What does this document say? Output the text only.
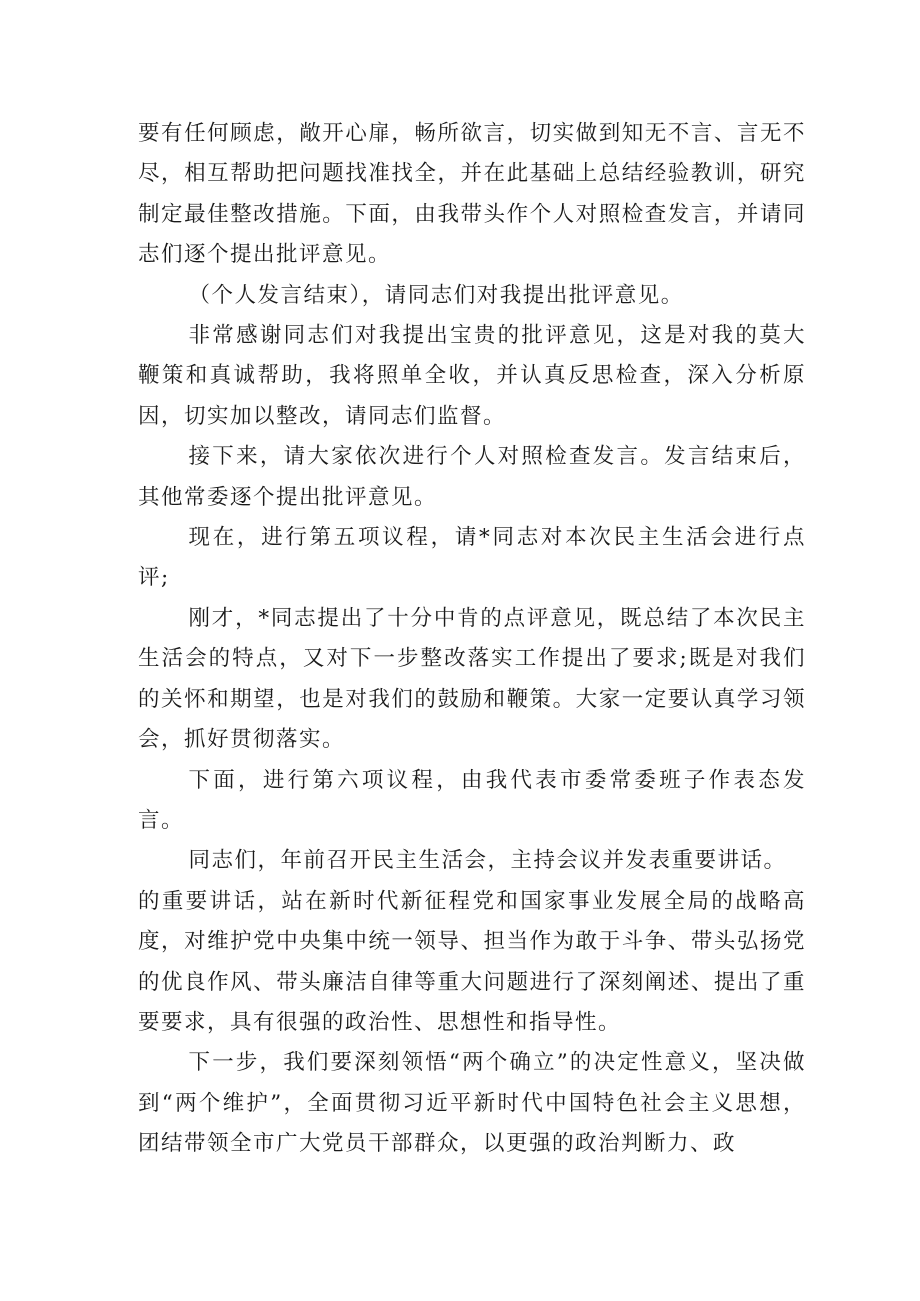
要有任何顾虑，敞开心扉，畅所欲言，切实做到知无不言、言无不尽，相互帮助把问题找准找全，并在此基础上总结经验教训，研究制定最佳整改措施。下面，由我带头作个人对照检查发言，并请同志们逐个提出批评意见。

（个人发言结束），请同志们对我提出批评意见。

非常感谢同志们对我提出宝贵的批评意见，这是对我的莫大鞭策和真诚帮助，我将照单全收，并认真反思检查，深入分析原因，切实加以整改，请同志们监督。

接下来，请大家依次进行个人对照检查发言。发言结束后，其他常委逐个提出批评意见。

现在，进行第五项议程，请*同志对本次民主生活会进行点评;

刚才，*同志提出了十分中肯的点评意见，既总结了本次民主生活会的特点，又对下一步整改落实工作提出了要求;既是对我们的关怀和期望，也是对我们的鼓励和鞭策。大家一定要认真学习领会，抓好贯彻落实。

下面，进行第六项议程，由我代表市委常委班子作表态发言。

同志们，年前召开民主生活会，主持会议并发表重要讲话。

的重要讲话，站在新时代新征程党和国家事业发展全局的战略高度，对维护党中央集中统一领导、担当作为敢于斗争、带头弘扬党的优良作风、带头廉洁自律等重大问题进行了深刻阐述、提出了重要要求，具有很强的政治性、思想性和指导性。

下一步，我们要深刻领悟“两个确立”的决定性意义，坚决做到“两个维护”，全面贯彻习近平新时代中国特色社会主义思想，团结带领全市广大党员干部群众，以更强的政治判断力、政
